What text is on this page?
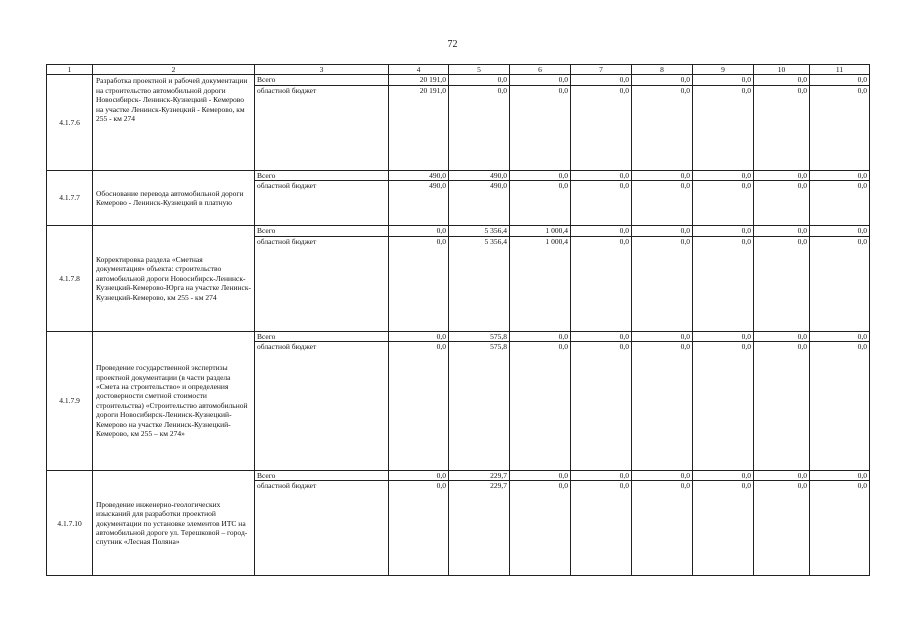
72
1	2	3	4	5	6	7	8	9	10	11
4.1.7.6	Разработка проектной и рабочей документации на строительство автомобильной дороги Новосибирск- Ленинск-Кузнецкий - Кемерово на участке Ленинск-Кузнецкий - Кемерово, км 255 - км 274	Всего	20 191,0	0,0	0,0	0,0	0,0	0,0	0,0	0,0
		областной бюджет	20 191,0	0,0	0,0	0,0	0,0	0,0	0,0	0,0
4.1.7.7	Обоснование перевода автомобильной дороги Кемерово - Ленинск-Кузнецкий в платную	Всего	490,0	490,0	0,0	0,0	0,0	0,0	0,0	0,0
		областной бюджет	490,0	490,0	0,0	0,0	0,0	0,0	0,0	0,0
4.1.7.8	Корректировка раздела «Сметная документация» объекта: строительство автомобильной дороги Новосибирск-Ленинск-Кузнецкий-Кемерово-Юрга на участке Ленинск-Кузнецкий-Кемерово, км 255 - км 274	Всего	0,0	5 356,4	1 000,4	0,0	0,0	0,0	0,0	0,0
		областной бюджет	0,0	5 356,4	1 000,4	0,0	0,0	0,0	0,0	0,0
4.1.7.9	Проведение государственной экспертизы проектной документации (в части раздела «Смета на строительство» и определения достоверности сметной стоимости строительства) «Строительство автомобильной дороги Новосибирск-Ленинск-Кузнецкий-Кемерово на участке Ленинск-Кузнецкий-Кемерово, км 255 – км 274»	Всего	0,0	575,8	0,0	0,0	0,0	0,0	0,0	0,0
		областной бюджет	0,0	575,8	0,0	0,0	0,0	0,0	0,0	0,0
4.1.7.10	Проведение инженерно-геологических изысканий для разработки проектной документации по установке элементов ИТС на автомобильной дороге ул. Терешковой – город-спутник «Лесная Поляна»	Всего	0,0	229,7	0,0	0,0	0,0	0,0	0,0	0,0
		областной бюджет	0,0	229,7	0,0	0,0	0,0	0,0	0,0	0,0
